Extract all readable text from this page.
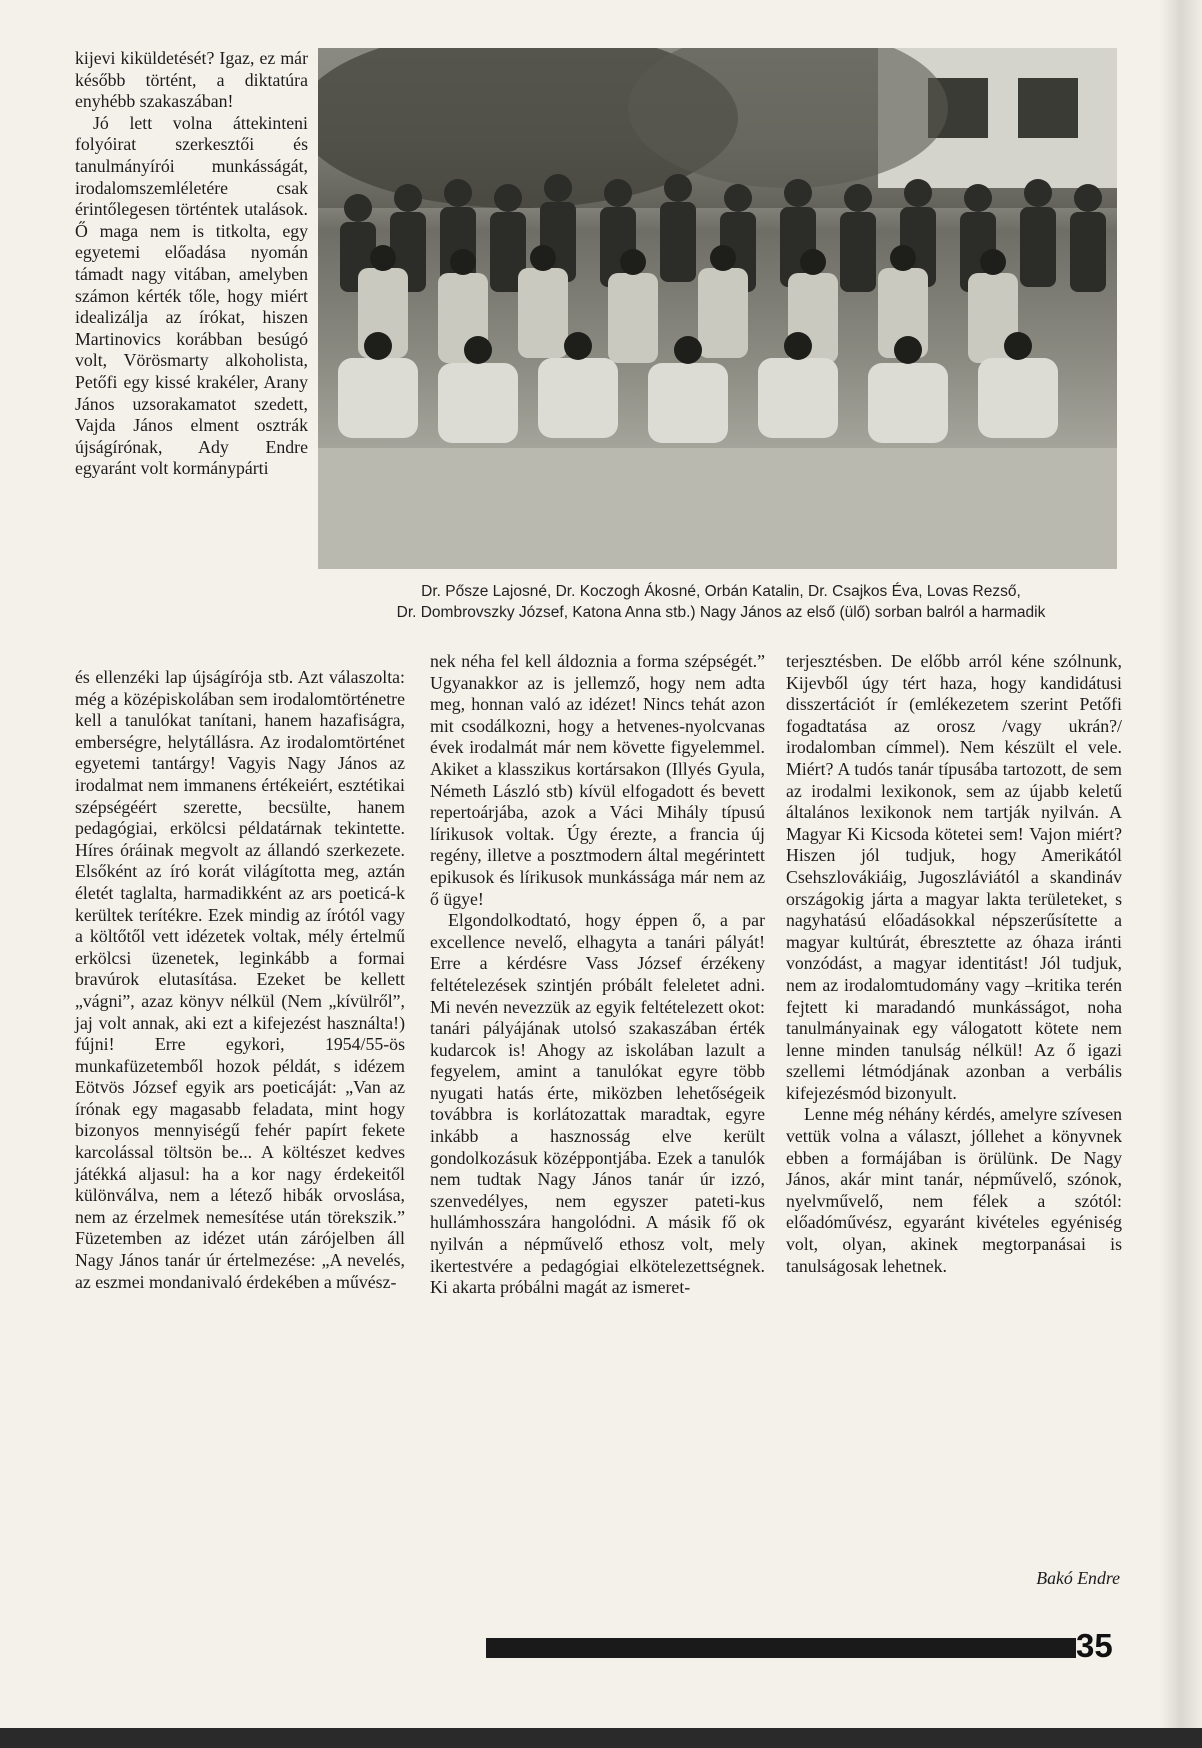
kijevi kiküldetését? Igaz, ez már később történt, a diktatúra enyhébb szakaszában!

Jó lett volna áttekinteni folyóirat szerkesztői és tanulmányírói munkásságát, irodalomszemléletére csak érintőlegesen történtek utalások. Ő maga nem is titkolta, egy egyetemi előadása nyomán támadt nagy vitában, amelyben számon kérték tőle, hogy miért idealizálja az írókat, hiszen Martinovics korábban besúgó volt, Vörösmarty alkoholista, Petőfi egy kissé krakéler, Arany János uzsorakamatot szedett, Vajda János elment osztrák újságírónak, Ady Endre egyaránt volt kormánypárti

és ellenzéki lap újságírója stb. Azt válaszolta: még a középiskolában sem irodalomtörténetre kell a tanulókat tanítani, hanem hazafiságra, emberségre, helytállásra. Az irodalomtörténet egyetemi tantárgy! Vagyis Nagy János az irodalmat nem immanens értékeiért, esztétikai szépségéért szerette, becsülte, hanem pedagógiai, erkölcsi példatárnak tekintette. Híres óráinak megvolt az állandó szerkezete. Elsőként az író korát világította meg, aztán életét taglalta, harmadikként az ars poeticá-k kerültek terítékre. Ezek mindig az írótól vagy a költőtől vett idézetek voltak, mély értelmű erkölcsi üzenetek, leginkább a formai bravúrok elutasítása. Ezeket be kellett „vágni”, azaz könyv nélkül (Nem „kívülről”, jaj volt annak, aki ezt a kifejezést használta!) fújni! Erre egykori, 1954/55-ös munkafüzetemből hozok példát, s idézem Eötvös József egyik ars poeticáját: „Van az írónak egy magasabb feladata, mint hogy bizonyos mennyiségű fehér papírt fekete karcolással töltsön be... A költészet kedves játékká aljasul: ha a kor nagy érdekeitől különválva, nem a létező hibák orvoslása, nem az érzelmek nemesítése után törekszik.” Füzetemben az idézet után zárójelben áll Nagy János tanár úr értelmezése: „A nevelés, az eszmei mondanivaló érdekében a művész-

Dr. Pősze Lajosné, Dr. Koczogh Ákosné, Orbán Katalin, Dr. Csajkos Éva, Lovas Rezső,
Dr. Dombrovszky József, Katona Anna stb.) Nagy János az első (ülő) sorban balról a harmadik

nek néha fel kell áldoznia a forma szépségét.” Ugyanakkor az is jellemző, hogy nem adta meg, honnan való az idézet! Nincs tehát azon mit csodálkozni, hogy a hetvenes-nyolcvanas évek irodalmát már nem követte figyelemmel. Akiket a klasszikus kortársakon (Illyés Gyula, Németh László stb) kívül elfogadott és bevett repertoárjába, azok a Váci Mihály típusú lírikusok voltak. Úgy érezte, a francia új regény, illetve a posztmodern által megérintett epikusok és lírikusok munkássága már nem az ő ügye!

Elgondolkodtató, hogy éppen ő, a par excellence nevelő, elhagyta a tanári pályát! Erre a kérdésre Vass József érzékeny feltételezések szintjén próbált feleletet adni. Mi nevén nevezzük az egyik feltételezett okot: tanári pályájának utolsó szakaszában érték kudarcok is! Ahogy az iskolában lazult a fegyelem, amint a tanulókat egyre több nyugati hatás érte, miközben lehetőségeik továbbra is korlátozattak maradtak, egyre inkább a hasznosság elve került gondolkozásuk középpontjába. Ezek a tanulók nem tudtak Nagy János tanár úr izzó, szenvedélyes, nem egyszer pateti-kus hullámhosszára hangolódni. A másik fő ok nyilván a népművelő ethosz volt, mely ikertestvére a pedagógiai elkötelezettségnek. Ki akarta próbálni magát az ismeret-

terjesztésben. De előbb arról kéne szólnunk, Kijevből úgy tért haza, hogy kandidátusi disszertációt ír (emlékezetem szerint Petőfi fogadtatása az orosz /vagy ukrán?/ irodalomban címmel). Nem készült el vele. Miért? A tudós tanár típusába tartozott, de sem az irodalmi lexikonok, sem az újabb keletű általános lexikonok nem tartják nyilván. A Magyar Ki Kicsoda kötetei sem! Vajon miért? Hiszen jól tudjuk, hogy Amerikától Csehszlovákiáig, Jugoszláviától a skandináv országokig járta a magyar lakta területeket, s nagyhatású előadásokkal népszerűsítette a magyar kultúrát, ébresztette az óhaza iránti vonzódást, a magyar identitást! Jól tudjuk, nem az irodalomtudomány vagy –kritika terén fejtett ki maradandó munkásságot, noha tanulmányainak egy válogatott kötete nem lenne minden tanulság nélkül! Az ő igazi szellemi létmódjának azonban a verbális kifejezésmód bizonyult.

Lenne még néhány kérdés, amelyre szívesen vettük volna a választ, jóllehet a könyvnek ebben a formájában is örülünk. De Nagy János, akár mint tanár, népművelő, szónok, nyelvművelő, nem félek a szótól: előadóművész, egyaránt kivételes egyéniség volt, olyan, akinek megtorpanásai is tanulságosak lehetnek.

Bakó Endre
35
